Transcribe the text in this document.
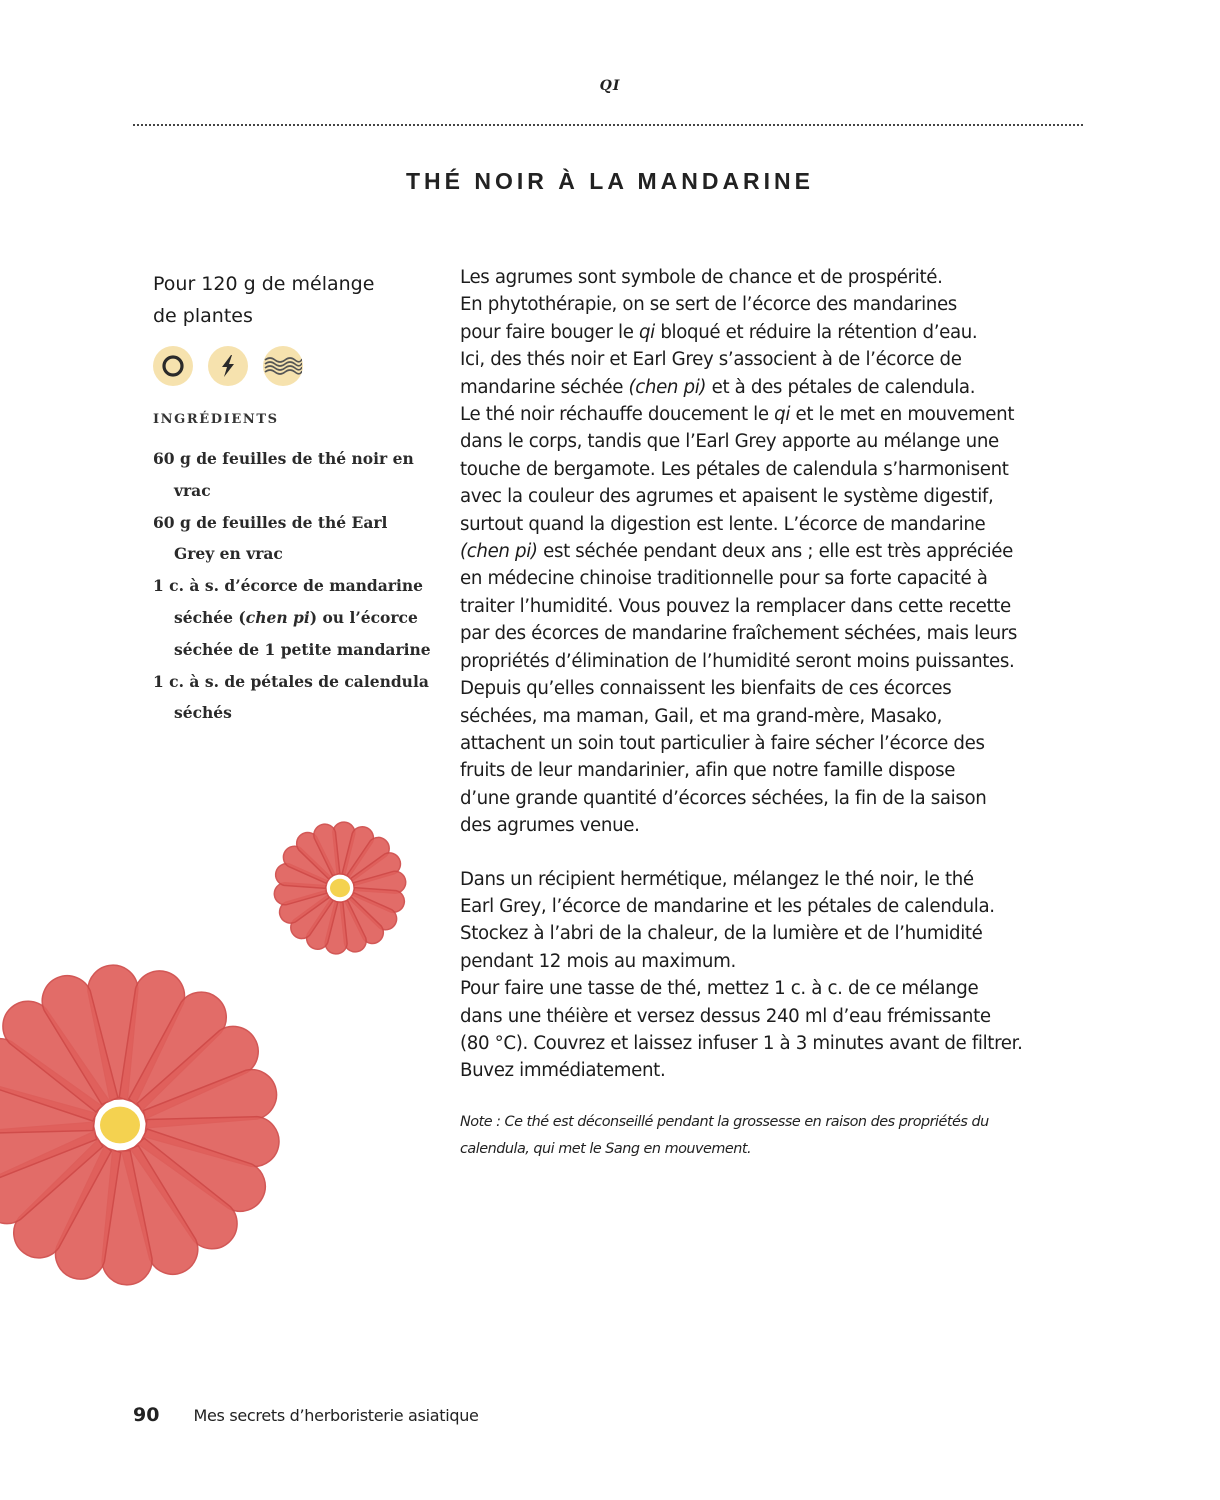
QI
THÉ NOIR À LA MANDARINE

Pour 120 g de mélange
de plantes

INGRÉDIENTS
60 g de feuilles de thé noir en vrac
60 g de feuilles de thé Earl Grey en vrac
1 c. à s. d’écorce de mandarine séchée (chen pi) ou l’écorce séchée de 1 petite mandarine
1 c. à s. de pétales de calendula séchés

Les agrumes sont symbole de chance et de prospérité.
En phytothérapie, on se sert de l’écorce des mandarines
pour faire bouger le qi bloqué et réduire la rétention d’eau.
Ici, des thés noir et Earl Grey s’associent à de l’écorce de
mandarine séchée (chen pi) et à des pétales de calendula.
Le thé noir réchauffe doucement le qi et le met en mouvement
dans le corps, tandis que l’Earl Grey apporte au mélange une
touche de bergamote. Les pétales de calendula s’harmonisent
avec la couleur des agrumes et apaisent le système digestif,
surtout quand la digestion est lente. L’écorce de mandarine
(chen pi) est séchée pendant deux ans ; elle est très appréciée
en médecine chinoise traditionnelle pour sa forte capacité à
traiter l’humidité. Vous pouvez la remplacer dans cette recette
par des écorces de mandarine fraîchement séchées, mais leurs
propriétés d’élimination de l’humidité seront moins puissantes.
Depuis qu’elles connaissent les bienfaits de ces écorces
séchées, ma maman, Gail, et ma grand-mère, Masako,
attachent un soin tout particulier à faire sécher l’écorce des
fruits de leur mandarinier, afin que notre famille dispose
d’une grande quantité d’écorces séchées, la fin de la saison
des agrumes venue.

Dans un récipient hermétique, mélangez le thé noir, le thé
Earl Grey, l’écorce de mandarine et les pétales de calendula.
Stockez à l’abri de la chaleur, de la lumière et de l’humidité
pendant 12 mois au maximum.
Pour faire une tasse de thé, mettez 1 c. à c. de ce mélange
dans une théière et versez dessus 240 ml d’eau frémissante
(80 °C). Couvrez et laissez infuser 1 à 3 minutes avant de filtrer.
Buvez immédiatement.

Note : Ce thé est déconseillé pendant la grossesse en raison des propriétés du
calendula, qui met le Sang en mouvement.
90 Mes secrets d’herboristerie asiatique
